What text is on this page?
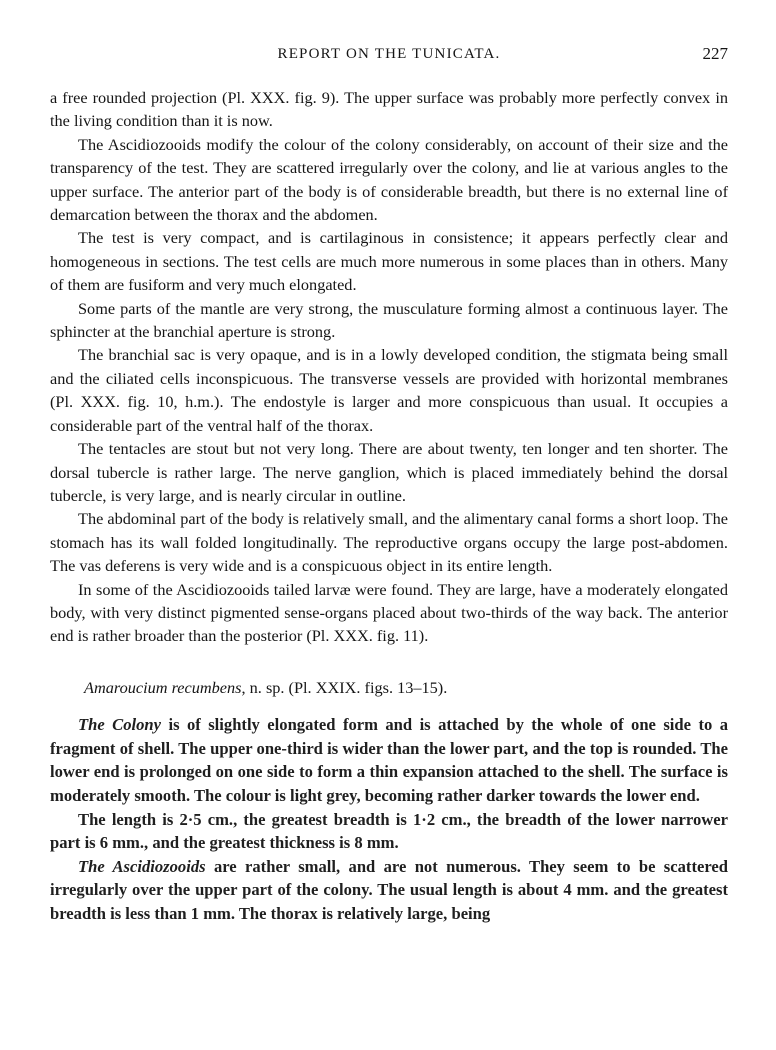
REPORT ON THE TUNICATA.	227

a free rounded projection (Pl. XXX. fig. 9). The upper surface was probably more perfectly convex in the living condition than it is now.

The Ascidiozooids modify the colour of the colony considerably, on account of their size and the transparency of the test. They are scattered irregularly over the colony, and lie at various angles to the upper surface. The anterior part of the body is of considerable breadth, but there is no external line of demarcation between the thorax and the abdomen.

The test is very compact, and is cartilaginous in consistence; it appears perfectly clear and homogeneous in sections. The test cells are much more numerous in some places than in others. Many of them are fusiform and very much elongated.

Some parts of the mantle are very strong, the musculature forming almost a continuous layer. The sphincter at the branchial aperture is strong.

The branchial sac is very opaque, and is in a lowly developed condition, the stigmata being small and the ciliated cells inconspicuous. The transverse vessels are provided with horizontal membranes (Pl. XXX. fig. 10, h.m.). The endostyle is larger and more conspicuous than usual. It occupies a considerable part of the ventral half of the thorax.

The tentacles are stout but not very long. There are about twenty, ten longer and ten shorter. The dorsal tubercle is rather large. The nerve ganglion, which is placed immediately behind the dorsal tubercle, is very large, and is nearly circular in outline.

The abdominal part of the body is relatively small, and the alimentary canal forms a short loop. The stomach has its wall folded longitudinally. The reproductive organs occupy the large post-abdomen. The vas deferens is very wide and is a conspicuous object in its entire length.

In some of the Ascidiozooids tailed larvæ were found. They are large, have a moderately elongated body, with very distinct pigmented sense-organs placed about two-thirds of the way back. The anterior end is rather broader than the posterior (Pl. XXX. fig. 11).

Amaroucium recumbens, n. sp. (Pl. XXIX. figs. 13–15).

The Colony is of slightly elongated form and is attached by the whole of one side to a fragment of shell. The upper one-third is wider than the lower part, and the top is rounded. The lower end is prolonged on one side to form a thin expansion attached to the shell. The surface is moderately smooth. The colour is light grey, becoming rather darker towards the lower end.

The length is 2·5 cm., the greatest breadth is 1·2 cm., the breadth of the lower narrower part is 6 mm., and the greatest thickness is 8 mm.

The Ascidiozooids are rather small, and are not numerous. They seem to be scattered irregularly over the upper part of the colony. The usual length is about 4 mm. and the greatest breadth is less than 1 mm. The thorax is relatively large, being
